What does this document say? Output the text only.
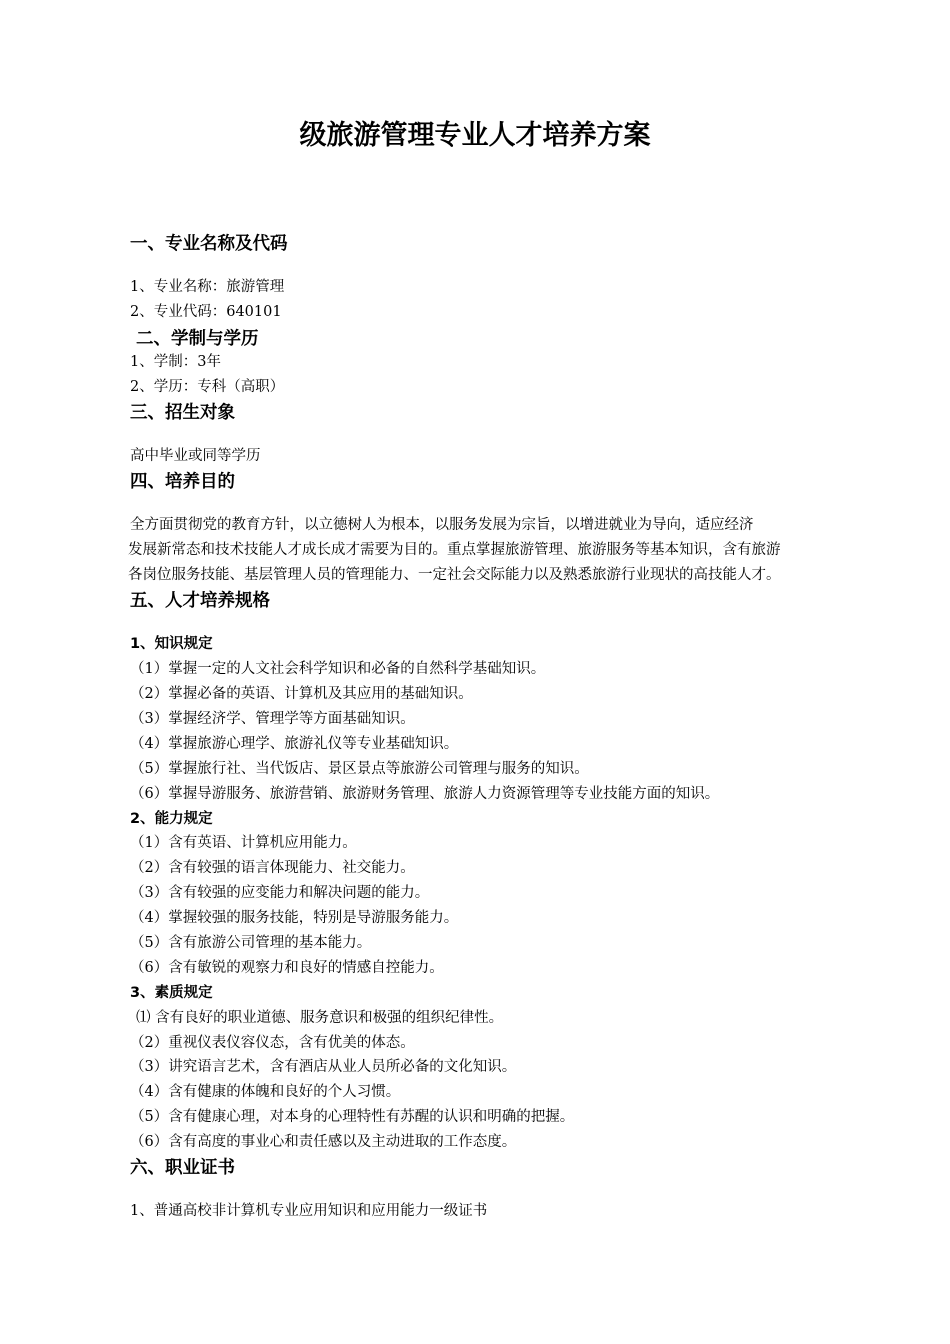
级旅游管理专业人才培养方案
一、专业名称及代码
1、专业名称：旅游管理
2、专业代码：640101
二、学制与学历
1、学制：3年
2、学历：专科（高职）
三、招生对象
高中毕业或同等学历
四、培养目的
全方面贯彻党的教育方针，以立德树人为根本，以服务发展为宗旨，以增进就业为导向，适应经济
发展新常态和技术技能人才成长成才需要为目的。重点掌握旅游管理、旅游服务等基本知识，含有旅游
各岗位服务技能、基层管理人员的管理能力、一定社会交际能力以及熟悉旅游行业现状的高技能人才。
五、人才培养规格
1、知识规定
（1）掌握一定的人文社会科学知识和必备的自然科学基础知识。
（2）掌握必备的英语、计算机及其应用的基础知识。
（3）掌握经济学、管理学等方面基础知识。
（4）掌握旅游心理学、旅游礼仪等专业基础知识。
（5）掌握旅行社、当代饭店、景区景点等旅游公司管理与服务的知识。
（6）掌握导游服务、旅游营销、旅游财务管理、旅游人力资源管理等专业技能方面的知识。
2、能力规定
（1）含有英语、计算机应用能力。
（2）含有较强的语言体现能力、社交能力。
（3）含有较强的应变能力和解决问题的能力。
（4）掌握较强的服务技能，特别是导游服务能力。
（5）含有旅游公司管理的基本能力。
（6）含有敏锐的观察力和良好的情感自控能力。
3、素质规定
⑴ 含有良好的职业道德、服务意识和极强的组织纪律性。
（2）重视仪表仪容仪态，含有优美的体态。
（3）讲究语言艺术，含有酒店从业人员所必备的文化知识。
（4）含有健康的体魄和良好的个人习惯。
（5）含有健康心理，对本身的心理特性有苏醒的认识和明确的把握。
（6）含有高度的事业心和责任感以及主动进取的工作态度。
六、职业证书
1、普通高校非计算机专业应用知识和应用能力一级证书
